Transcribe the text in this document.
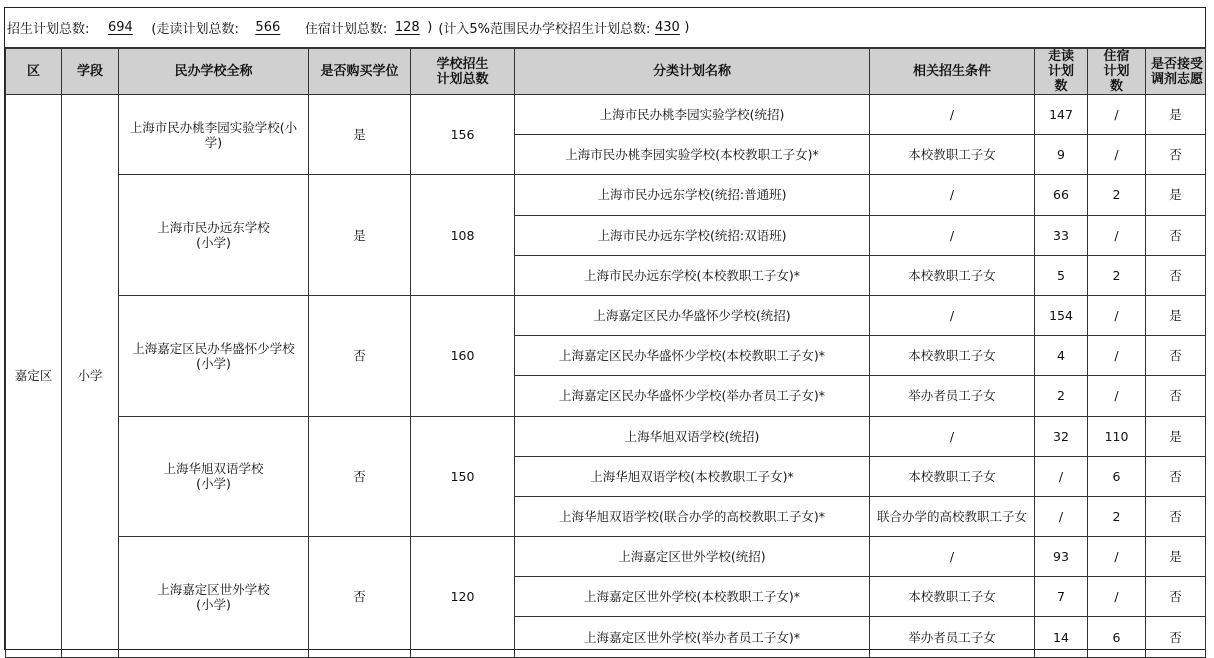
招生计划总数:	694	(走读计划总数:	566	住宿计划总数: 128 ) (计入5%范围民办学校招生计划总数: 430 )
区	学段	民办学校全称	是否购买学位	学校招生计划总数	分类计划名称	相关招生条件	走读计划数	住宿计划数	是否接受调剂志愿

嘉定区	小学	上海市民办桃李园实验学校(小学)	是	156	上海市民办桃李园实验学校(统招)	/	147	/	是
					上海市民办桃李园实验学校(本校教职工子女)*	本校教职工子女	9	/	否

		上海市民办远东学校(小学)	是	108	上海市民办远东学校(统招:普通班)	/	66	2	是
					上海市民办远东学校(统招:双语班)	/	33	/	否
					上海市民办远东学校(本校教职工子女)*	本校教职工子女	5	2	否

		上海嘉定区民办华盛怀少学校(小学)	否	160	上海嘉定区民办华盛怀少学校(统招)	/	154	/	是
					上海嘉定区民办华盛怀少学校(本校教职工子女)*	本校教职工子女	4	/	否
					上海嘉定区民办华盛怀少学校(举办者员工子女)*	举办者员工子女	2	/	否

		上海华旭双语学校(小学)	否	150	上海华旭双语学校(统招)	/	32	110	是
					上海华旭双语学校(本校教职工子女)*	本校教职工子女	/	6	否
					上海华旭双语学校(联合办学的高校教职工子女)*	联合办学的高校教职工子女	/	2	否

		上海嘉定区世外学校(小学)	否	120	上海嘉定区世外学校(统招)	/	93	/	是
					上海嘉定区世外学校(本校教职工子女)*	本校教职工子女	7	/	否
					上海嘉定区世外学校(举办者员工子女)*	举办者员工子女	14	6	否
